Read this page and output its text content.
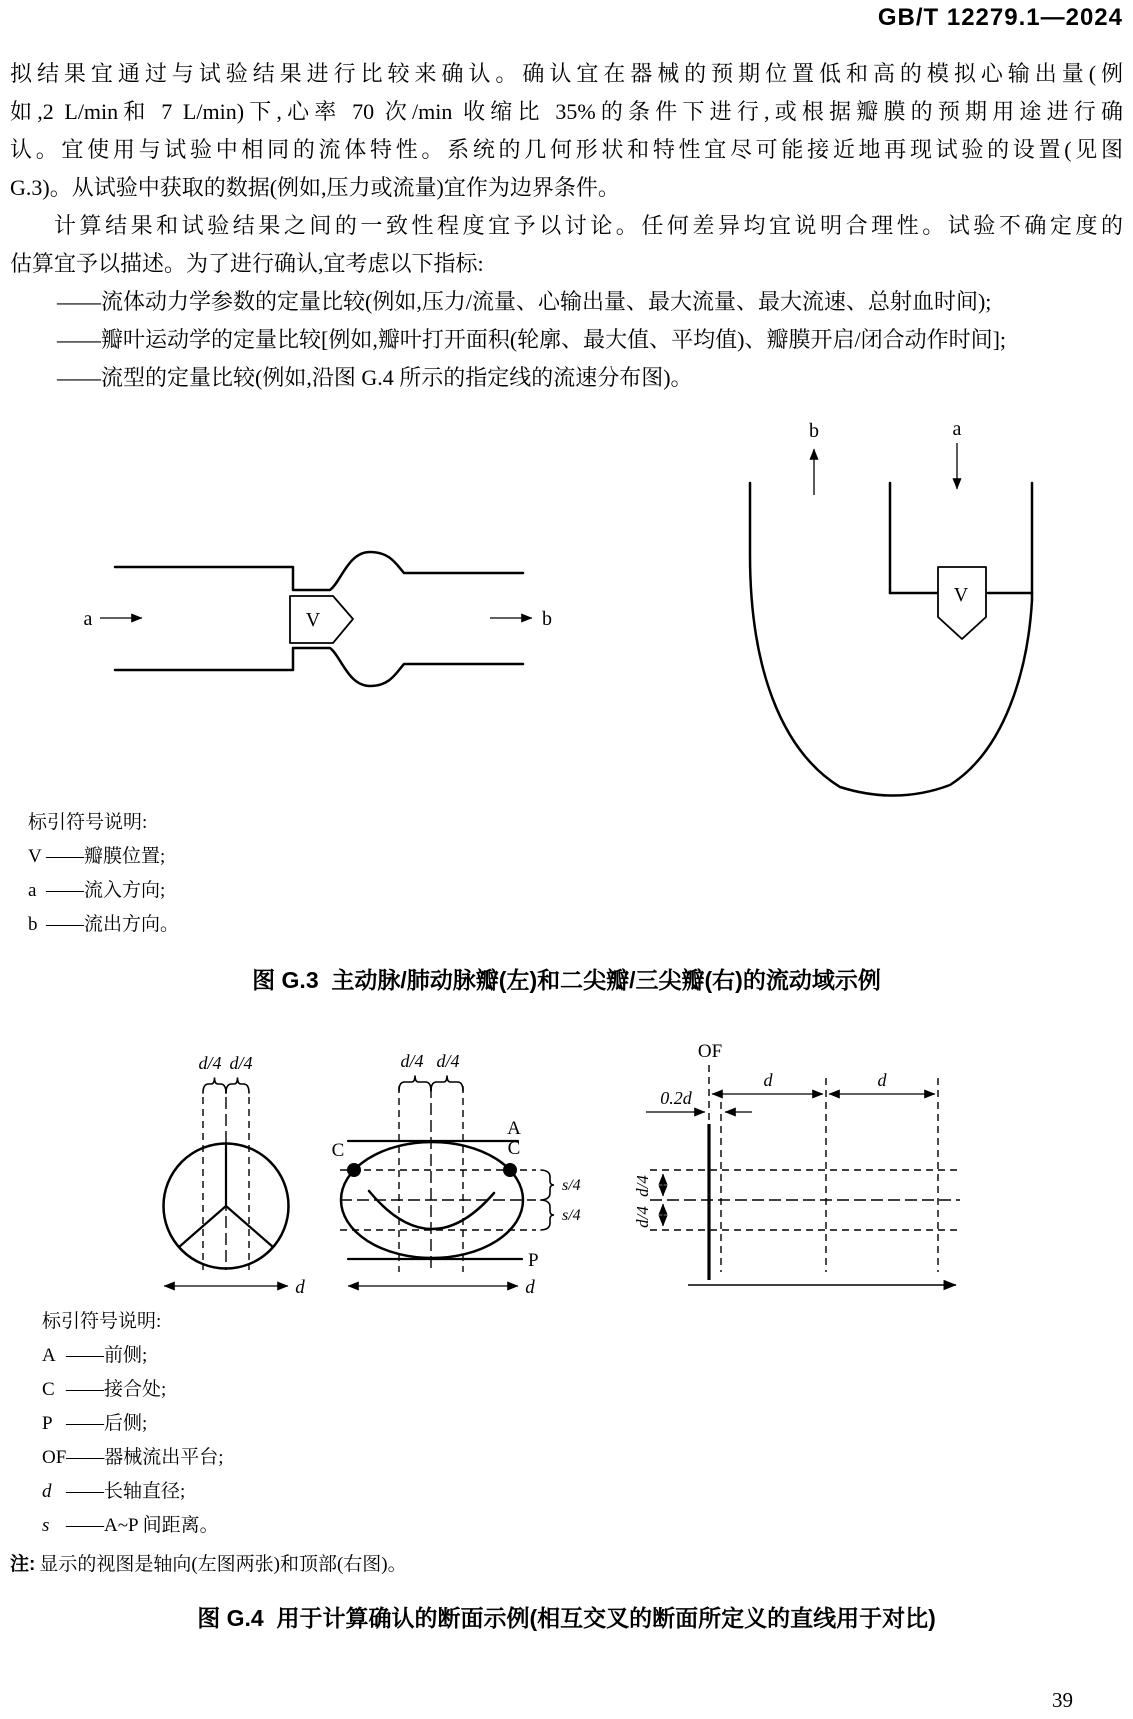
GB/T 12279.1—2024
拟结果宜通过与试验结果进行比较来确认。确认宜在器械的预期位置低和高的模拟心输出量(例
如,2 L/min和 7 L/min)下,心率 70 次/min 收缩比 35%的条件下进行,或根据瓣膜的预期用途进行确
认。宜使用与试验中相同的流体特性。系统的几何形状和特性宜尽可能接近地再现试验的设置(见图
G.3)。从试验中获取的数据(例如,压力或流量)宜作为边界条件。
计算结果和试验结果之间的一致性程度宜予以讨论。任何差异均宜说明合理性。试验不确定度的
估算宜予以描述。为了进行确认,宜考虑以下指标:
——流体动力学参数的定量比较(例如,压力/流量、心输出量、最大流量、最大流速、总射血时间);
——瓣叶运动学的定量比较[例如,瓣叶打开面积(轮廓、最大值、平均值)、瓣膜开启/闭合动作时间];
——流型的定量比较(例如,沿图 G.4 所示的指定线的流速分布图)。
V
a	b
b	a
V
标引符号说明:
V ——瓣膜位置;
a ——流入方向;
b ——流出方向。
图 G.3  主动脉/肺动脉瓣(左)和二尖瓣/三尖瓣(右)的流动域示例
d/4 d/4
d
A
P
C	C
d/4 d/4
s/4
s/4
d
OF
d	d
0.2d
d/4
d/4
标引符号说明:
A ——前侧;
C ——接合处;
P ——后侧;
OF ——器械流出平台;
d ——长轴直径;
s ——A~P 间距离。
注: 显示的视图是轴向(左图两张)和顶部(右图)。
图 G.4  用于计算确认的断面示例(相互交叉的断面所定义的直线用于对比)
39
